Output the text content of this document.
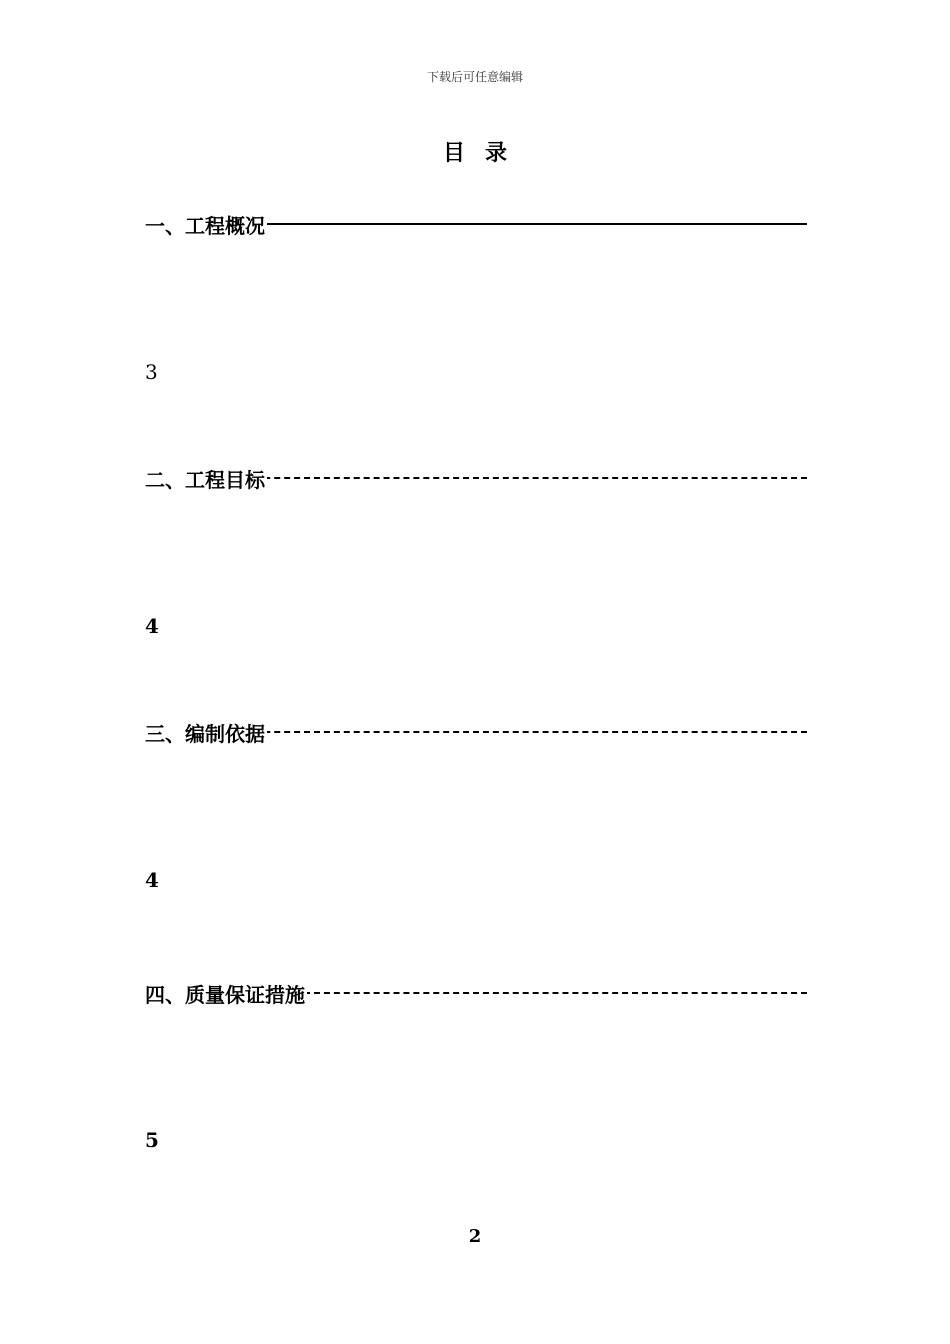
下载后可任意编辑
目录
一、工程概况
3
二、工程目标
4
三、编制依据
4
四、质量保证措施
5
2
